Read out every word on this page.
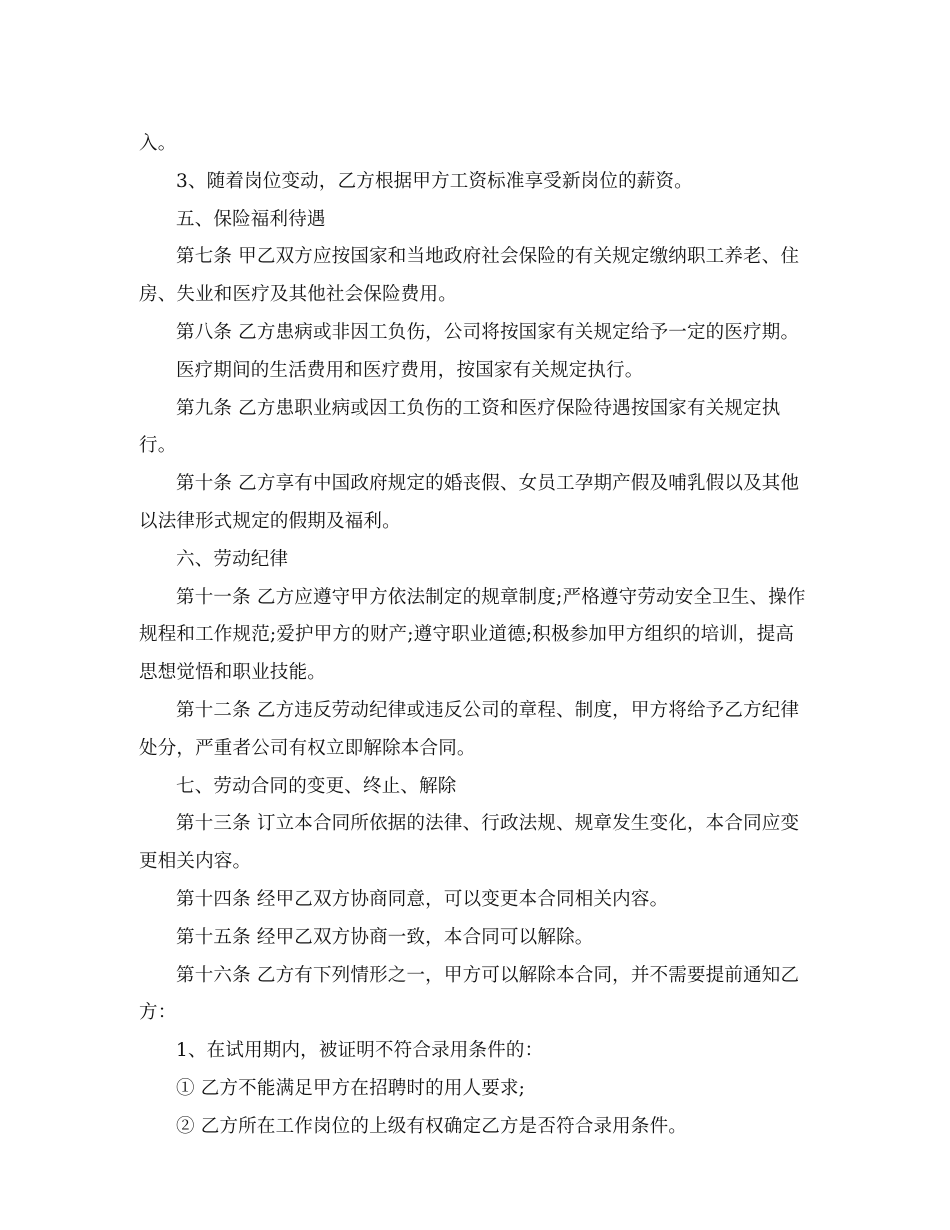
入。

3、随着岗位变动，乙方根据甲方工资标准享受新岗位的薪资。

五、保险福利待遇

第七条 甲乙双方应按国家和当地政府社会保险的有关规定缴纳职工养老、住
房、失业和医疗及其他社会保险费用。

第八条 乙方患病或非因工负伤，公司将按国家有关规定给予一定的医疗期。

医疗期间的生活费用和医疗费用，按国家有关规定执行。

第九条 乙方患职业病或因工负伤的工资和医疗保险待遇按国家有关规定执
行。

第十条 乙方享有中国政府规定的婚丧假、女员工孕期产假及哺乳假以及其他
以法律形式规定的假期及福利。

六、劳动纪律

第十一条 乙方应遵守甲方依法制定的规章制度;严格遵守劳动安全卫生、操作
规程和工作规范;爱护甲方的财产;遵守职业道德;积极参加甲方组织的培训，提高
思想觉悟和职业技能。

第十二条 乙方违反劳动纪律或违反公司的章程、制度，甲方将给予乙方纪律
处分，严重者公司有权立即解除本合同。

七、劳动合同的变更、终止、解除

第十三条 订立本合同所依据的法律、行政法规、规章发生变化，本合同应变
更相关内容。

第十四条 经甲乙双方协商同意，可以变更本合同相关内容。

第十五条 经甲乙双方协商一致，本合同可以解除。

第十六条 乙方有下列情形之一，甲方可以解除本合同，并不需要提前通知乙
方：

1、在试用期内，被证明不符合录用条件的：

① 乙方不能满足甲方在招聘时的用人要求;

② 乙方所在工作岗位的上级有权确定乙方是否符合录用条件。
